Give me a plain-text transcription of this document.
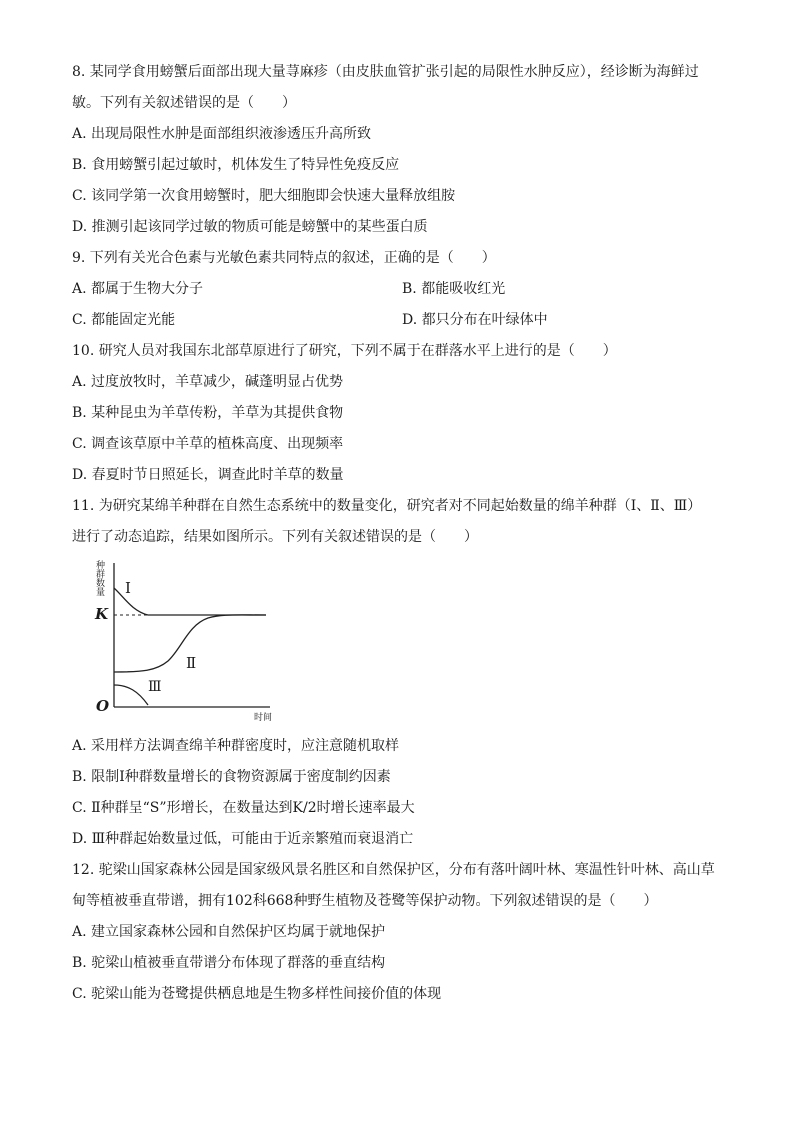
8. 某同学食用螃蟹后面部出现大量荨麻疹（由皮肤血管扩张引起的局限性水肿反应），经诊断为海鲜过

敏。下列有关叙述错误的是（　　）

A. 出现局限性水肿是面部组织液渗透压升高所致

B. 食用螃蟹引起过敏时，机体发生了特异性免疫反应

C. 该同学第一次食用螃蟹时，肥大细胞即会快速大量释放组胺

D. 推测引起该同学过敏的物质可能是螃蟹中的某些蛋白质

9. 下列有关光合色素与光敏色素共同特点的叙述，正确的是（　　）

A. 都属于生物大分子	B. 都能吸收红光
C. 都能固定光能	D. 都只分布在叶绿体中

10. 研究人员对我国东北部草原进行了研究，下列不属于在群落水平上进行的是（　　）

A. 过度放牧时，羊草减少，碱蓬明显占优势

B. 某种昆虫为羊草传粉，羊草为其提供食物

C. 调查该草原中羊草的植株高度、出现频率

D. 春夏时节日照延长，调查此时羊草的数量

11. 为研究某绵羊种群在自然生态系统中的数量变化，研究者对不同起始数量的绵羊种群（Ⅰ、Ⅱ、Ⅲ）

进行了动态追踪，结果如图所示。下列有关叙述错误的是（　　）

种群数量
K
O
Ⅰ
Ⅱ
Ⅲ
时间

A. 采用样方法调查绵羊种群密度时，应注意随机取样

B. 限制Ⅰ种群数量增长的食物资源属于密度制约因素

C. Ⅱ种群呈“S”形增长，在数量达到K/2时增长速率最大

D. Ⅲ种群起始数量过低，可能由于近亲繁殖而衰退消亡

12. 驼梁山国家森林公园是国家级风景名胜区和自然保护区，分布有落叶阔叶林、寒温性针叶林、高山草

甸等植被垂直带谱，拥有102科668种野生植物及苍鹭等保护动物。下列叙述错误的是（　　）

A. 建立国家森林公园和自然保护区均属于就地保护

B. 驼梁山植被垂直带谱分布体现了群落的垂直结构

C. 驼梁山能为苍鹭提供栖息地是生物多样性间接价值的体现
